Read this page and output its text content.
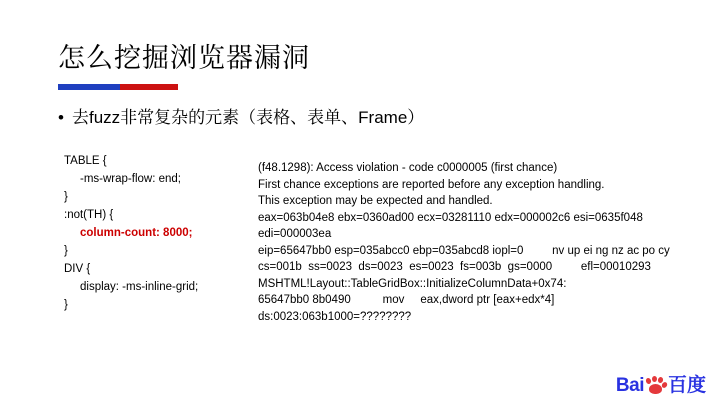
怎么挖掘浏览器漏洞
• 去fuzz非常复杂的元素（表格、表单、Frame）
TABLE {
-ms-wrap-flow: end;
}
:not(TH) {
column-count: 8000;
}
DIV {
display: -ms-inline-grid;
}
(f48.1298): Access violation - code c0000005 (first chance)
First chance exceptions are reported before any exception handling.
This exception may be expected and handled.
eax=063b04e8 ebx=0360ad00 ecx=03281110 edx=000002c6 esi=0635f048 edi=000003ea
eip=65647bb0 esp=035abcc0 ebp=035abcd8 iopl=0         nv up ei ng nz ac po cy
cs=001b  ss=0023  ds=0023  es=0023  fs=003b  gs=0000         efl=00010293
MSHTML!Layout::TableGridBox::InitializeColumnData+0x74:
65647bb0 8b0490          mov     eax,dword ptr [eax+edx*4]  ds:0023:063b1000=????????
Bai 百度
